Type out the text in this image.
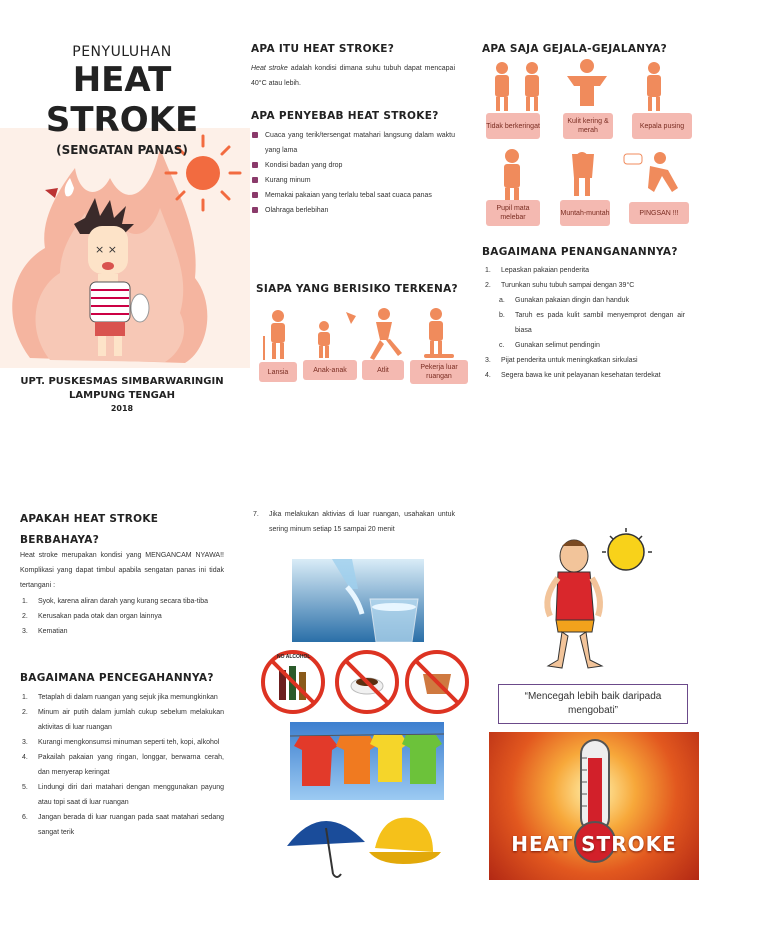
× ×
PENYULUHAN
HEAT
STROKE
(SENGATAN PANAS)
UPT. PUSKESMAS SIMBARWARINGIN
LAMPUNG TENGAH
2018
APA ITU HEAT STROKE?
Heat stroke adalah kondisi dimana suhu tubuh dapat mencapai 40°C atau lebih.
APA PENYEBAB HEAT STROKE?
Cuaca yang terik/tersengat matahari langsung dalam waktu yang lama
Kondisi badan yang drop
Kurang minum
Memakai pakaian yang terlalu tebal saat cuaca panas
Olahraga berlebihan
SIAPA YANG BERISIKO TERKENA?
Lansia	Anak-anak	Atlit	Pekerja luar ruangan
APA SAJA GEJALA-GEJALANYA?
Tidak berkeringat
Kulit kering & merah
Kepala pusing
Pupil mata melebar
Muntah-muntah	PINGSAN !!!
BAGAIMANA PENANGANANNYA?
1. Lepaskan pakaian penderita
2. Turunkan suhu tubuh sampai dengan 39°C
a. Gunakan pakaian dingin dan handuk
b. Taruh es pada kulit sambil menyemprot dengan air biasa
c. Gunakan selimut pendingin
3. Pijat penderita untuk meningkatkan sirkulasi
4. Segera bawa ke unit pelayanan kesehatan terdekat
APAKAH HEAT STROKE BERBAHAYA?
Heat stroke merupakan kondisi yang MENGANCAM NYAWA!! Komplikasi yang dapat timbul apabila sengatan panas ini tidak tertangani :
1. Syok, karena aliran darah yang kurang secara tiba-tiba
2. Kerusakan pada otak dan organ lainnya
3. Kematian
BAGAIMANA PENCEGAHANNYA?
1. Tetaplah di dalam ruangan yang sejuk jika memungkinkan
2. Minum air putih dalam jumlah cukup sebelum melakukan aktivitas di luar ruangan
3. Kurangi mengkonsumsi minuman seperti teh, kopi, alkohol
4. Pakailah pakaian yang ringan, longgar, berwarna cerah, dan menyerap keringat
5. Lindungi diri dari matahari dengan menggunakan payung atau topi saat di luar ruangan
6. Jangan berada di luar ruangan pada saat matahari sedang sangat terik
7. Jika melakukan aktivias di luar ruangan, usahakan untuk sering minum setiap 15 sampai 20 menit
NO ALCOHOL
“Mencegah lebih baik daripada mengobati”
HEAT STROKE
